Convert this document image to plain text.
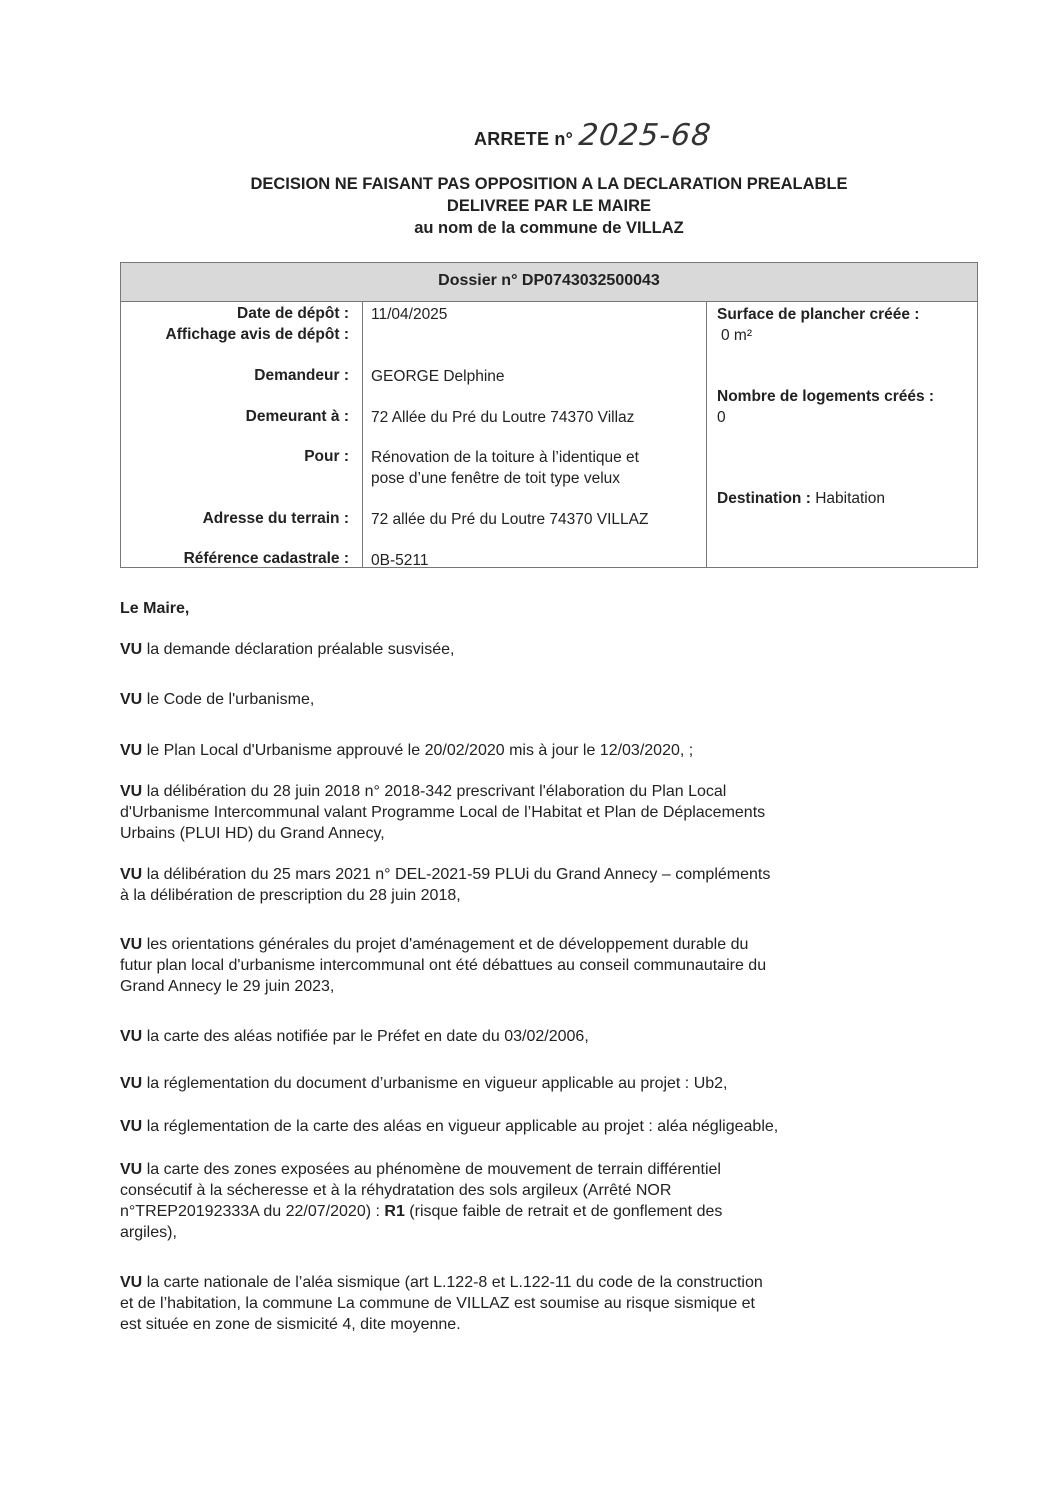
ARRETE n° 2025-68
DECISION NE FAISANT PAS OPPOSITION A LA DECLARATION PREALABLE
DELIVREE PAR LE MAIRE
au nom de la commune de VILLAZ
Dossier n° DP0743032500043
Date de dépôt :
Affichage avis de dépôt :
Demandeur :
Demeurant à :
Pour :
Adresse du terrain :
Référence cadastrale :
11/04/2025
GEORGE Delphine
72 Allée du Pré du Loutre 74370 Villaz
Rénovation de la toiture à l’identique et
pose d’une fenêtre de toit type velux
72 allée du Pré du Loutre 74370 VILLAZ
0B-5211
Surface de plancher créée :
0 m²
Nombre de logements créés :
0
Destination : Habitation

Le Maire,

VU la demande déclaration préalable susvisée,

VU le Code de l'urbanisme,

VU le Plan Local d'Urbanisme approuvé le 20/02/2020 mis à jour le 12/03/2020, ;

VU la délibération du 28 juin 2018 n° 2018-342 prescrivant l'élaboration du Plan Local

d'Urbanisme Intercommunal valant Programme Local de l’Habitat et Plan de Déplacements

Urbains (PLUI HD) du Grand Annecy,

VU la délibération du 25 mars 2021 n° DEL-2021-59 PLUi du Grand Annecy – compléments

à la délibération de prescription du 28 juin 2018,

VU les orientations générales du projet d'aménagement et de développement durable du

futur plan local d'urbanisme intercommunal ont été débattues au conseil communautaire du

Grand Annecy le 29 juin 2023,

VU la carte des aléas notifiée par le Préfet en date du 03/02/2006,

VU la réglementation du document d’urbanisme en vigueur applicable au projet : Ub2,

VU la réglementation de la carte des aléas en vigueur applicable au projet : aléa négligeable,

VU la carte des zones exposées au phénomène de mouvement de terrain différentiel

consécutif à la sécheresse et à la réhydratation des sols argileux (Arrêté NOR

n°TREP20192333A du 22/07/2020) : R1 (risque faible de retrait et de gonflement des

argiles),

VU la carte nationale de l’aléa sismique (art L.122-8 et L.122-11 du code de la construction

et de l’habitation, la commune La commune de VILLAZ est soumise au risque sismique et

est située en zone de sismicité 4, dite moyenne.
